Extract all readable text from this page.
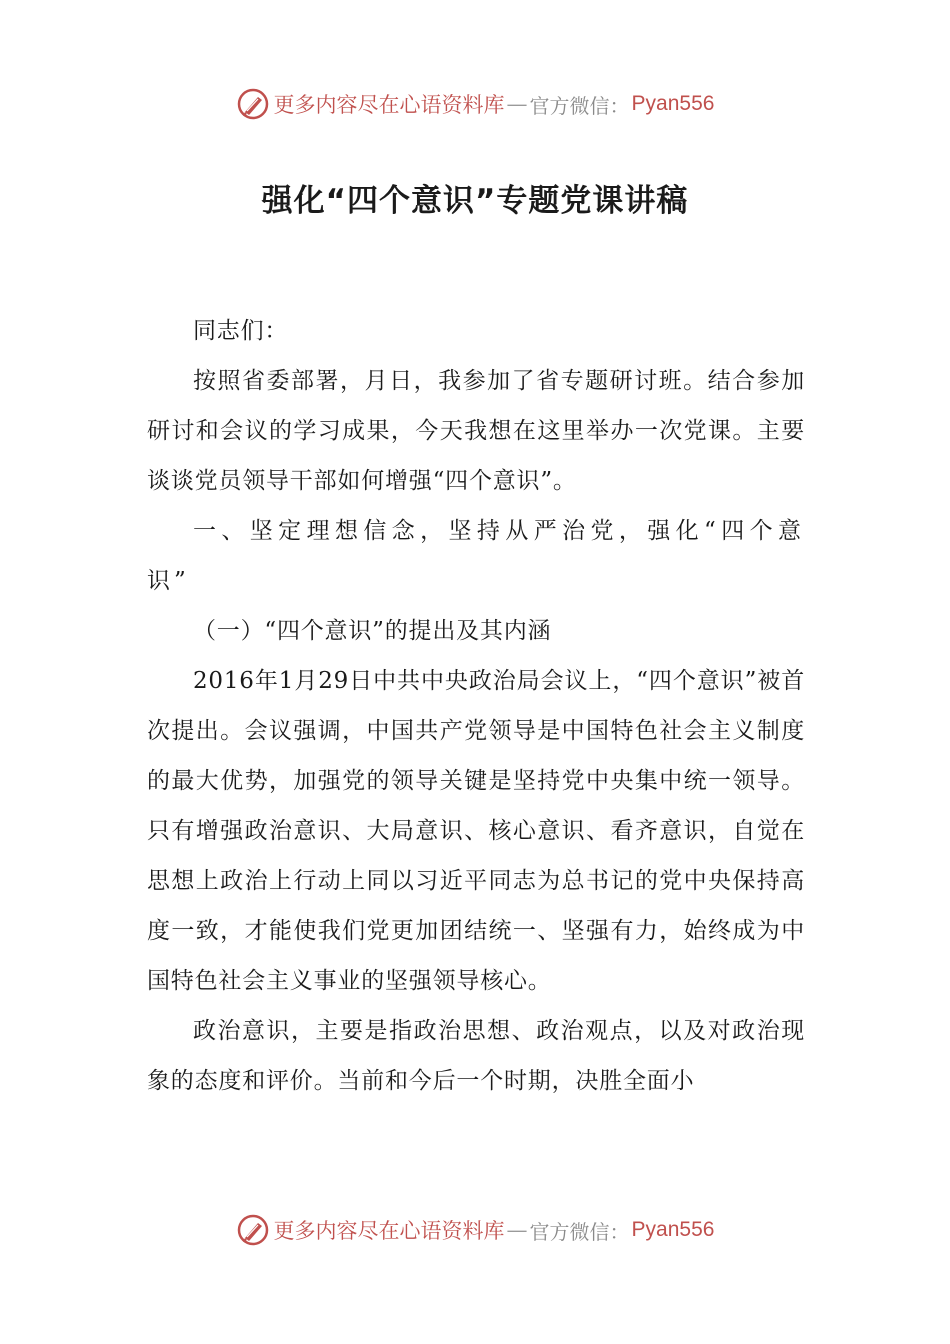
更多内容尽在心语资料库 — 官方微信： Pyan556
强化“四个意识”专题党课讲稿

同志们：

按照省委部署，月日，我参加了省专题研讨班。结合参加研讨和会议的学习成果，今天我想在这里举办一次党课。主要谈谈党员领导干部如何增强“四个意识”。

一、坚定理想信念，坚持从严治党，强化“四个意识”

（一）“四个意识”的提出及其内涵

2016年1月29日中共中央政治局会议上，“四个意识”被首次提出。会议强调，中国共产党领导是中国特色社会主义制度的最大优势，加强党的领导关键是坚持党中央集中统一领导。只有增强政治意识、大局意识、核心意识、看齐意识，自觉在思想上政治上行动上同以习近平同志为总书记的党中央保持高度一致，才能使我们党更加团结统一、坚强有力，始终成为中国特色社会主义事业的坚强领导核心。

政治意识，主要是指政治思想、政治观点，以及对政治现象的态度和评价。当前和今后一个时期，决胜全面小

更多内容尽在心语资料库 — 官方微信： Pyan556
